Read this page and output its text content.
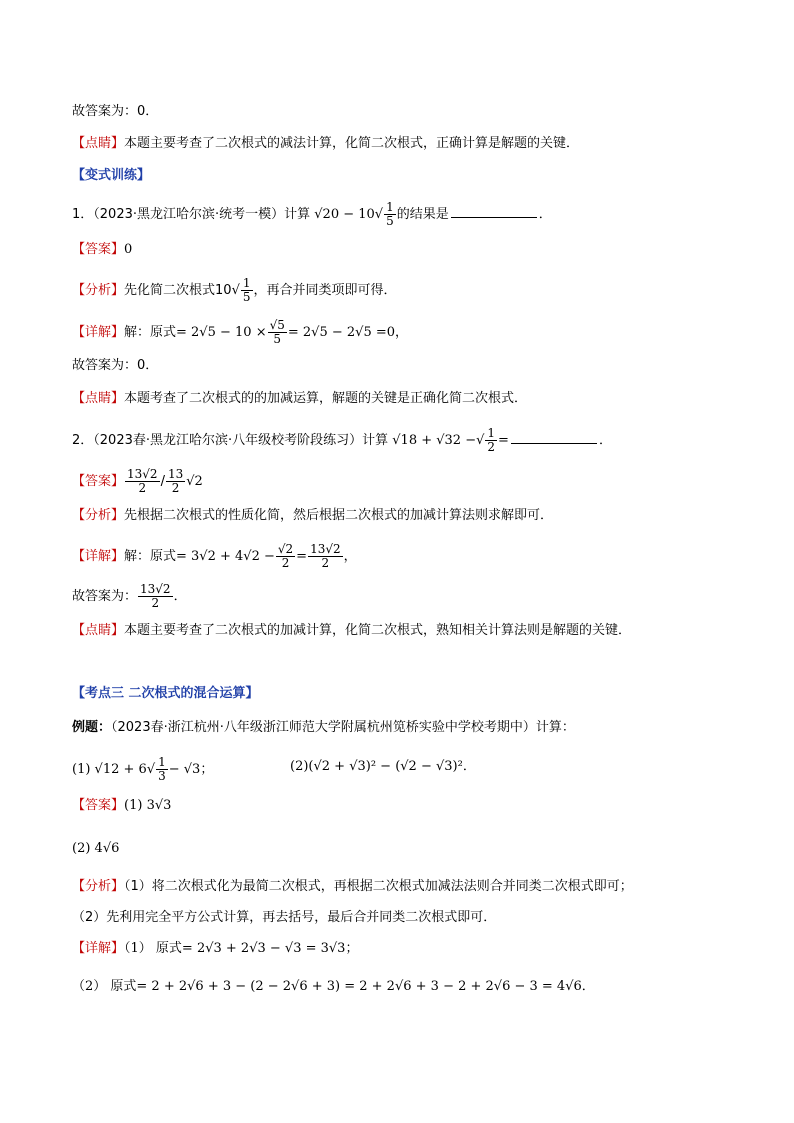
故答案为：0．
【点睛】本题主要考查了二次根式的减法计算，化简二次根式，正确计算是解题的关键．
【变式训练】
1．（2023·黑龙江哈尔滨·统考一模）计算 $√20 - 10√ \frac{1}{5}$ 的结果是	．
【答案】0
【分析】先化简二次根式$10√ \frac{1}{5}$ ，再合并同类项即可得．
【详解】解：原式= $2√5 - 10 \times \frac{√5}{5} = 2√5 - 2√5 =0$，
故答案为：0．
【点睛】本题考查了二次根式的的加减运算，解题的关键是正确化简二次根式．
2．（2023春·黑龙江哈尔滨·八年级校考阶段练习）计算 √18 + √32 −√ $\frac{1}{2}$ =	．
【答案】 $\frac{13√2}{2} / \frac{13}{2} √2$
【分析】先根据二次根式的性质化简，然后根据二次根式的加减计算法则求解即可．
【详解】解：原式= $3√2 + 4√2 - \frac{√2}{2} = \frac{13√2}{2}$ ，
故答案为： $\frac{13√2}{2}$ ．
【点睛】本题主要考查了二次根式的加减计算，化简二次根式，熟知相关计算法则是解题的关键．
【考点三 二次根式的混合运算】
例题：（2023春·浙江杭州·八年级浙江师范大学附属杭州笕桥实验中学校考期中）计算：
(1) $√12 + 6√ \frac{1}{3} - √3$；	(2)(√2 + √3)² − (√2 − √3)²．
【答案】(1) 3√3
(2) 4√6
【分析】（1）将二次根式化为最简二次根式，再根据二次根式加减法法则合并同类二次根式即可；
（2）先利用完全平方公式计算，再去括号，最后合并同类二次根式即可．
【详解】（1） 原式= 2√3 + 2√3 − √3 = 3√3；
（2） 原式= 2 + 2√6 + 3 − (2 − 2√6 + 3) = 2 + 2√6 + 3 − 2 + 2√6 − 3 = 4√6．
